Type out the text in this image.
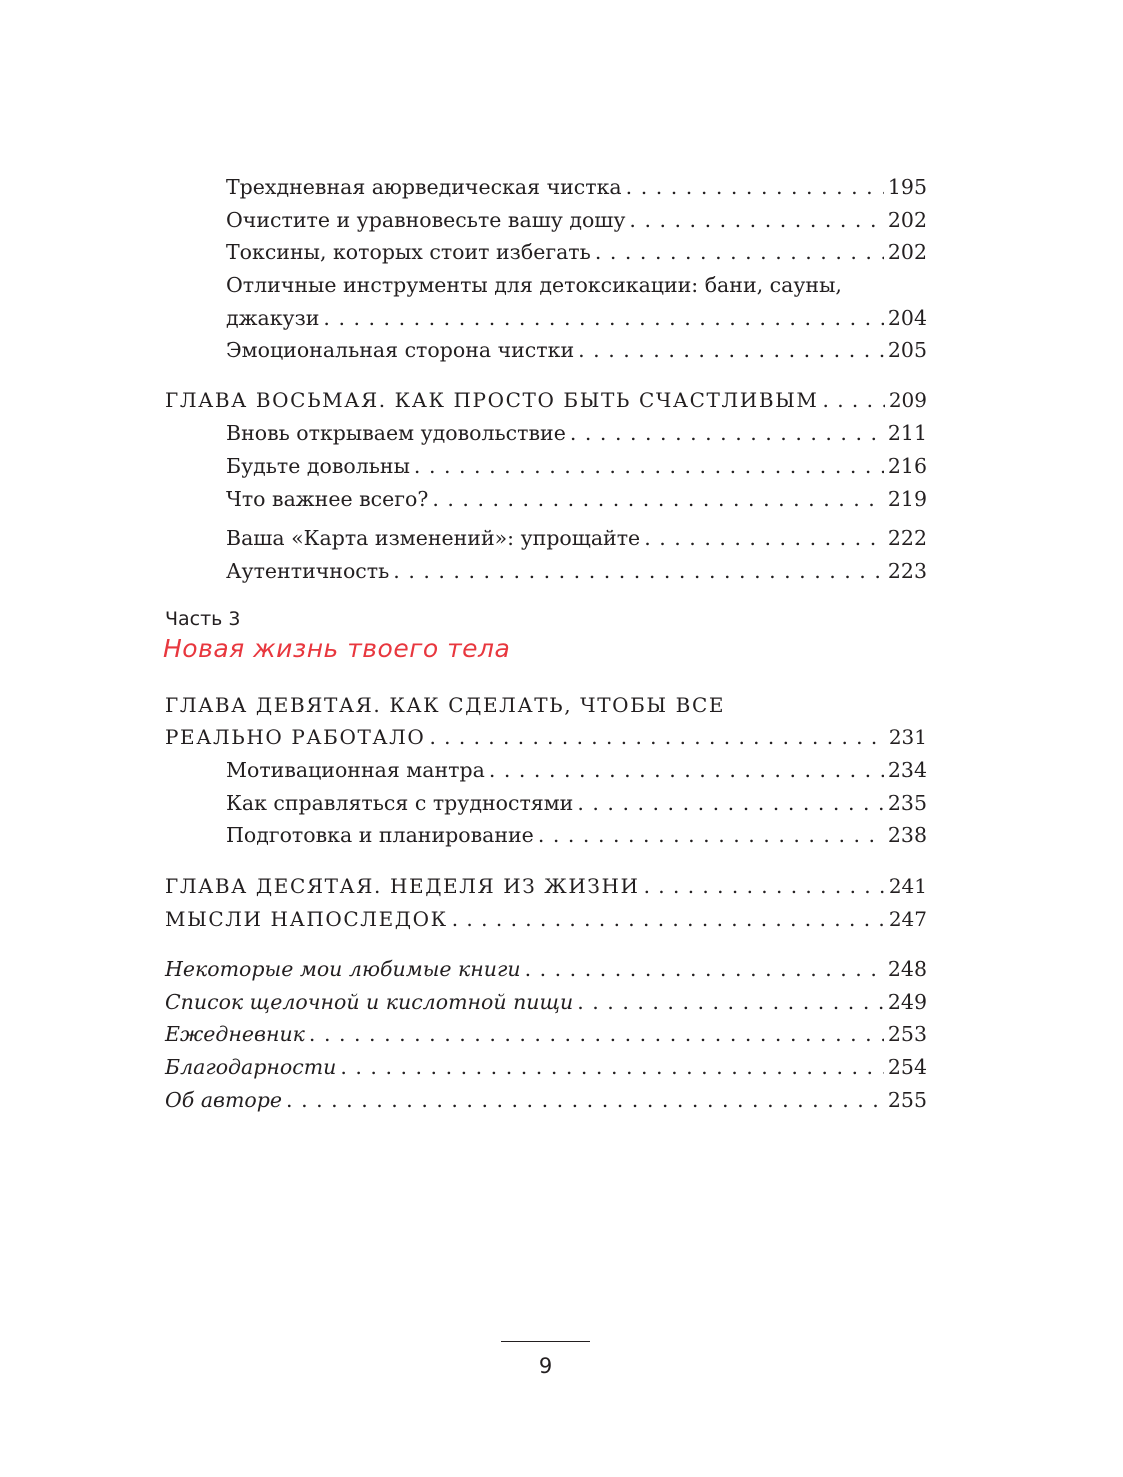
Трехдневная аюрведическая чистка . . .	195
Очистите и уравновесьте вашу дошу . . .	202
Токсины, которых стоит избегать . . .	202
Отличные инструменты для детоксикации: бани, сауны,
джакузи . . .	204
Эмоциональная сторона чистки . . .	205
ГЛАВА ВОСЬМАЯ. КАК ПРОСТО БЫТЬ СЧАСТЛИВЫМ . . .	209
Вновь открываем удовольствие . . .	211
Будьте довольны . . .	216
Что важнее всего? . . .	219
Ваша «Карта изменений»: упрощайте . . .	222
Аутентичность . . .	223
Часть 3
Новая жизнь твоего тела
ГЛАВА ДЕВЯТАЯ. КАК СДЕЛАТЬ, ЧТОБЫ ВСЕ
РЕАЛЬНО РАБОТАЛО . . .	231
Мотивационная мантра . . .	234
Как справляться с трудностями . . .	235
Подготовка и планирование . . .	238
ГЛАВА ДЕСЯТАЯ. НЕДЕЛЯ ИЗ ЖИЗНИ . . .	241
МЫСЛИ НАПОСЛЕДОК . . .	247
Некоторые мои любимые книги . . .	248
Список щелочной и кислотной пищи . . .	249
Ежедневник . . .	253
Благодарности . . .	254
Об авторе . . .	255
9
